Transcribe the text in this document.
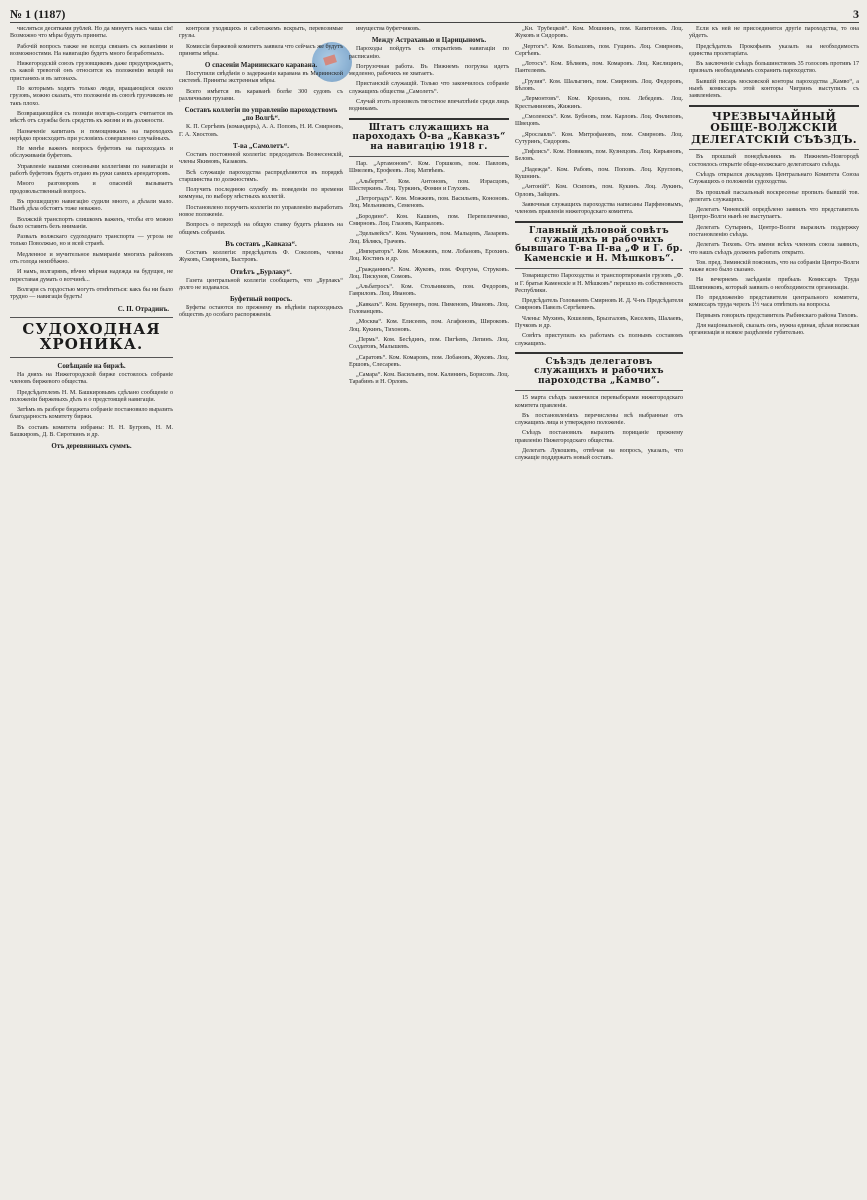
№ 1 (1187)	3

числяться десятками рублей. Но да минуетъ насъ чаша сія! Возможно что мѣры будутъ приняты.

Рабочій вопросъ также не всегда связанъ съ желаніями и возможностями. На навигацію будетъ много безработныхъ.

Нижегородскій союзъ грузовщиковъ даже предупреждаетъ, съ какой тревогой онъ относится къ положенію вещей на пристаняхъ и въ затонахъ.

По которымъ ходятъ только люди, вращающіеся около грузовъ, можно сказать, что положеніе въ союзѣ грузчиковъ не такъ плохо.

Возвращающійся съ позиціи волгарь-солдатъ считается въ мѣстѣ отъ службы безъ средствъ къ жизни и въ должности.

Назначеніе капитанъ и помощникамъ на пароходахъ нерѣдко происходитъ при условіяхъ совершенно случайныхъ.

Не менѣе важенъ вопросъ буфетовъ на пароходахъ и обслуживанія буфетовъ.

Управленіе нашими союзными коллегіями по навигаціи и работѣ буфетовъ будетъ отдано въ руки самихъ арендаторовъ.

Много разговоровъ и опасеній вызываетъ продовольственный вопросъ.

Въ прошедшую навигацію судили много, а дѣлали мало. Нынѣ дѣла обстоятъ тоже неважно.

Волжскій транспортъ слишкомъ важенъ, чтобы его можно было оставить безъ вниманія.

Развалъ волжскаго судоходнаго транспорта — угроза не только Поволжью, но и всей странѣ.

Медленное и мучительное вымираніе многихъ районовъ отъ голода неизбѣжно.

И намъ, волгарямъ, вѣчно мѣрная надежда на будущее, не переставая думать о вотчинѣ...

Волгари съ гордостью могутъ отмѣтиться: какъ бы ни было трудно — навигація будетъ!

С. П. Отрадинъ.
СУДОХОДНАЯ ХРОНИКА.
Совѣщаніе на биржѣ.

На дняхъ на Нижегородской бирже состоялось собраніе членовъ биржевого общества.

Предсѣдателемъ Н. М. Башкировымъ сдѣлано сообщеніе о положеніи биржевыхъ дѣлъ и о предстоящей навигаціи.

Затѣмъ въ разборе бюджета собраніе постановило выразить благодарность комитету биржи.

Въ составъ комитета избраны: Н. Н. Бугровъ, Н. М. Башкировъ, Д. В. Сироткинъ и др.

Отъ деревянныхъ суммъ.

контроля уходящихъ и саботажемъ вскрыть, перевозимые грузы.

Комиссія биржевой комитетъ заявила что сейчасъ же будутъ приняты мѣры.

О спасеніи Мариинскаго каравана.

Поступили свѣдѣнія о задержаніи каравана въ Мариинской системѣ. Приняты экстренныя мѣры.

Всего имѣется въ караванѣ болѣе 300 судовъ съ различными грузами.

Составъ коллегіи по управленію пароходствомъ „по Волгѣ“.

К. П. Сергѣевъ (командиръ), А. А. Поповъ, Н. И. Смирновъ, Г. А. Хвостовъ.

Т-ва „Самолетъ“.

Составъ постоянной коллегіи: председатель Вознесенскій, члены Якимовъ, Казаковъ.

Всѣ служащіе пароходства распредѣляются въ порядкѣ старшинства по должностямъ.

Получить последнюю службу въ поведеніи по времени коммуны, по выбору мѣстныхъ коллегій.

Постановлено поручить коллегіи по управленію выработать новое положеніе.

Вопросъ о переходѣ на общую ставку будетъ рѣшенъ на общемъ собраніи.

Въ составъ „Кавказа“.

Составъ коллегіи: предсѣдатель Ф. Соколовъ, члены Жуковъ, Смирновъ, Быстровъ.

Отвѣтъ „Бурлаку“.

Газета центральной коллегіи сообщаетъ, что „Бурлакъ“ долго не издавался.

Буфетный вопросъ.

Буфеты остаются по прежнему въ вѣдѣніи пароходныхъ обществъ до особаго распоряженія.

имущества буфетчиковъ.

Между Астраханью и Царицыномъ.

Пароходы пойдутъ съ открытіемъ навигаціи по расписанію.

Погрузочная работа. Въ Нижнемъ погрузка идетъ медленно, рабочихъ не хватаетъ.

Пристанскій служащій. Только что закончилось собраніе служащихъ общества „Самолетъ“.

Случай этотъ произвелъ тягостное впечатлѣніе среди лицъ водникамъ.

Штатъ служащихъ на пароходахъ О-ва „Кавказъ“ на навигацію 1918 г.

Пар. „Артамоновъ“. Ком. Горшковъ, пом. Павловъ, Шмелевъ, Ерофеевъ. Лоц. Матвѣевъ.

„Альберти“. Ком. Антоновъ, пом. Израсцовъ, Шестеркинъ. Лоц. Туркинъ, Фомин и Глуховъ.

„Петроградъ“. Ком. Можжевъ, пом. Васильевъ, Кононовъ. Лоц. Мельниковъ, Семеновъ.

„Бородино“. Ком. Кашинъ, пом. Перепеличенко, Смирновъ. Лоц. Глазовъ, Капраловъ.

„Эдельвейсъ“. Ком. Чуманинъ, пом. Мальцевъ, Лазаревъ. Лоц. Бѣлякъ, Грачевъ.

„Императоръ“. Ком. Можжевъ, пом. Лобановъ, Ерохинъ. Лоц. Костинъ и др.

„Гражданинъ“. Ком. Жуковъ, пом. Фортуна, Струковъ. Лоц. Пискунов, Сомовъ.

„Альбатросъ“. Ком. Стольниковъ, пом. Федоровъ, Гавриловъ. Лоц. Ивановъ.

„Кавказъ“. Ком. Бруннеръ, пом. Пименовъ, Ивановъ. Лоц. Голованцевъ.

„Москва“. Ком. Елисеевъ, пом. Агафоновъ, Широковъ. Лоц. Кукинъ, Тихоновъ.

„Пермь“. Ком. Бесѣдинъ, пом. Пигѣевъ, Лепинъ. Лоц. Солдатовъ, Малышевъ.

„Саратовъ“. Ком. Комаровъ, пом. Лобановъ, Жуковъ. Лоц. Ершовъ, Слесаревъ.

„Самара“. Ком. Васильевъ, пом. Калининъ, Борисовъ. Лоц. Тарабинъ и Н. Орловъ.

„Кн. Трубецкой“. Ком. Мошнинъ, пом. Капитоновъ. Лоц. Жуковъ и Сидоровъ.

„Чертогъ“. Ком. Большовъ, пом. Гущинъ. Лоц. Смирновъ, Сергѣевъ.

„Лотосъ“. Ком. Бѣляевъ, пом. Комаровъ. Лоц. Кислицинъ, Пантелеевъ.

„Грузия“. Ком. Шалыгинъ, пом. Смирновъ. Лоц. Федоровъ, Бѣловъ.

„Лермонтовъ“. Ком. Крохинъ, пом. Лебедевъ. Лоц. Крестьяниновъ, Жижинъ.

„Смоленскъ“. Ком. Бубновъ, пом. Карловъ. Лоц. Филиповъ, Швецовъ.

„Ярославль“. Ком. Митрофановъ, пом. Смирновъ. Лоц. Сутуринъ, Сидоровъ.

„Тифлисъ“. Ком. Новиковъ, пом. Кузнецовъ. Лоц. Кирьяновъ, Беловъ.

„Надежда“. Ком. Рабовъ, пом. Поповъ. Лоц. Кругловъ, Кушнинъ.

„Антоній“. Ком. Осиповъ, пом. Кукинъ. Лоц. Лукинъ, Орловъ, Зайцевъ.

Заявочныя служащихъ пароходства написаны Парфеновымъ, членомъ правленія нижегородскаго комитета.

Главный дѣловой совѣтъ служащихъ и рабочихъ бывшаго Т-ва П-ва „Ф и Г. бр. Каменскіе и Н. Мѣшковъ“.

Товарищество Пароходства и транспортированія грузовъ „Ф. и Г. братья Каменскіе и Н. Мѣшковъ“ перешло въ собственность Республики.

Предсѣдатель Голованевъ Смирновъ И. Д. Ч-нъ Предсѣдателя Смирновъ Павелъ Сергѣевичъ.

Члены: Мухинъ, Кошелевъ, Брызгаловъ, Киселевъ, Шалаевъ, Пучковъ и др.

Совѣтъ приступилъ къ работамъ съ полнымъ составомъ служащихъ.

Съѣздъ делегатовъ служащихъ и рабочихъ пароходства „Камво“.

15 марта съѣздъ закончился перевыборами нижегородскаго комитета правленія.

Въ постановленіяхъ перечислены всѣ выбранные отъ служащихъ лица и утверждено положеніе.

Съѣздъ постановилъ выразить порицаніе прежнему правленію Нижегородскаго общества.

Делегатъ Лукошевъ, отвѣчая на вопросъ, указалъ, что служащіе поддержатъ новый составъ.

Если къ ней не присоединятся другіе пароходства, то она уйдетъ.

Предсѣдатель Прокофьевъ указалъ на необходимость единства пролетаріата.

Въ заключеніе съѣздъ большинствомъ 35 голосовъ противъ 17 призналъ необходимымъ сохранить пароходство.

Бывшій писарь московской конторы пароходства „Камво“, а нынѣ комиссаръ этой конторы Чигринъ выступилъ съ заявленіемъ.

ЧРЕЗВЫЧАЙНЫЙ ОБЩЕ-ВОЛЖСКІЙ ДЕЛЕГАТСКІЙ СЪѢЗДЪ.

Въ прошлый понедѣльникъ въ Нижнемъ-Новгородѣ состоялось открытіе обще-волжскаго делегатскаго съѣзда.

Съѣздъ открылся докладомъ Центральнаго Комитета Союза Служащихъ о положеніи судоходства.

Въ прошлый пасхальный воскресенье пропилъ бывшій тов. делегатъ служащихъ.

Делегатъ Чиневскій опредѣлено заявилъ что представитель Центро-Волги нынѣ не выступаетъ.

Делегатъ Сутыринъ, Центро-Волги выразилъ поддержку постановленію съѣзда.

Делегатъ Тиховъ. Отъ имени всѣхъ членовъ союза заявилъ, что нашъ съѣздъ долженъ работать открыто.

Тов. пред. Зиминскій пояснилъ, что на собраніи Центро-Волги также ясно было сказано.

На вечернемъ засѣданіи прибыль Комиссаръ Труда Шляпниковъ, который заявилъ о необходимости организаціи.

По предложенію представителя центрального комитета, комиссаръ труда черезъ 1½ часа отвѣтилъ на вопросы.

Первымъ говорилъ представитель Рыбинскаго района Тиховъ.

Для національной, сказалъ онъ, нужна единая, цѣлая волжская организація и всякое раздѣленіе губительно.
